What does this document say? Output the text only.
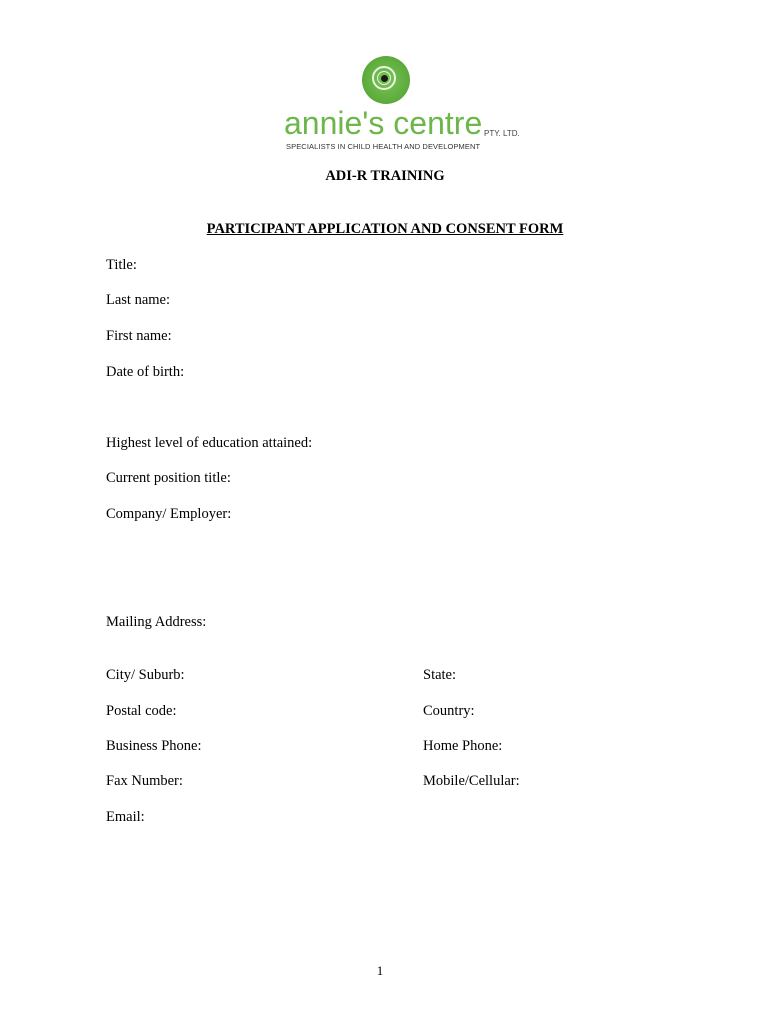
annie's centre PTY. LTD.
SPECIALISTS IN CHILD HEALTH AND DEVELOPMENT
ADI-R TRAINING
PARTICIPANT APPLICATION AND CONSENT FORM
Title:
Last name:
First name:
Date of birth:
Highest level of education attained:
Current position title:
Company/ Employer:
Mailing Address:
City/ Suburb:	State:
Postal code:	Country:
Business Phone:	Home Phone:
Fax Number:	Mobile/Cellular:
Email:
1
